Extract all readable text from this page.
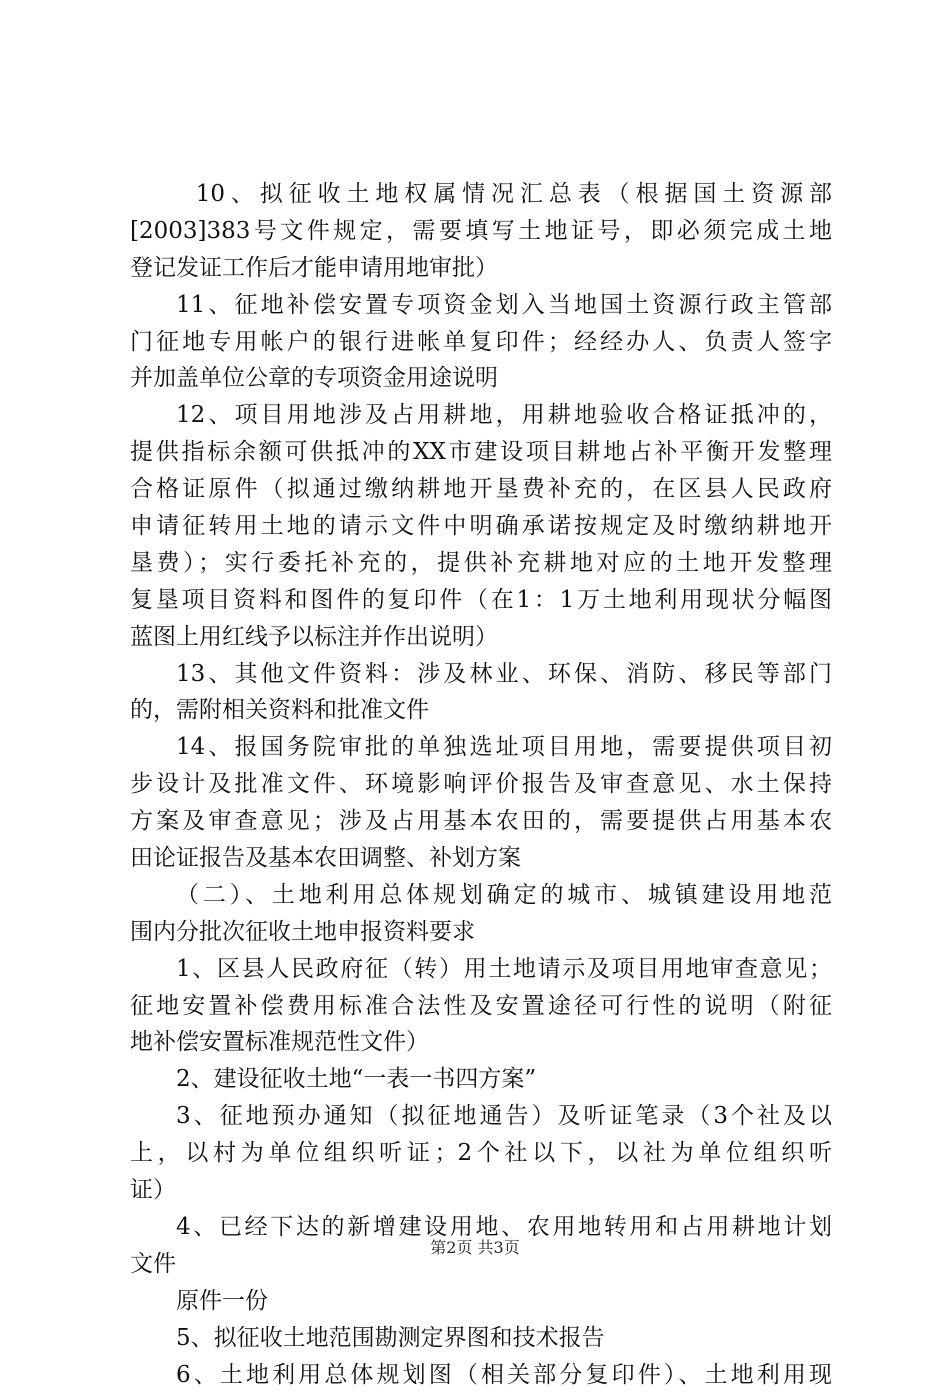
　10、拟征收土地权属情况汇总表（根据国土资源部
[2003]383号文件规定，需要填写土地证号，即必须完成土地
登记发证工作后才能申请用地审批）
11、征地补偿安置专项资金划入当地国土资源行政主管部
门征地专用帐户的银行进帐单复印件；经经办人、负责人签字
并加盖单位公章的专项资金用途说明
12、项目用地涉及占用耕地，用耕地验收合格证抵冲的，
提供指标余额可供抵冲的XX市建设项目耕地占补平衡开发整理
合格证原件（拟通过缴纳耕地开垦费补充的，在区县人民政府
申请征转用土地的请示文件中明确承诺按规定及时缴纳耕地开
垦费）；实行委托补充的，提供补充耕地对应的土地开发整理
复垦项目资料和图件的复印件（在1：1万土地利用现状分幅图
蓝图上用红线予以标注并作出说明）
13、其他文件资料：涉及林业、环保、消防、移民等部门
的，需附相关资料和批准文件
14、报国务院审批的单独选址项目用地，需要提供项目初
步设计及批准文件、环境影响评价报告及审查意见、水土保持
方案及审查意见；涉及占用基本农田的，需要提供占用基本农
田论证报告及基本农田调整、补划方案
（二）、土地利用总体规划确定的城市、城镇建设用地范
围内分批次征收土地申报资料要求
1、区县人民政府征（转）用土地请示及项目用地审查意见；
征地安置补偿费用标准合法性及安置途径可行性的说明（附征
地补偿安置标准规范性文件）
2、建设征收土地“一表一书四方案”
3、征地预办通知（拟征地通告）及听证笔录（3个社及以
上，以村为单位组织听证；2个社以下，以社为单位组织听
证）
4、已经下达的新增建设用地、农用地转用和占用耕地计划
文件
原件一份
5、拟征收土地范围勘测定界图和技术报告
6、土地利用总体规划图（相关部分复印件）、土地利用现
第2页 共3页
